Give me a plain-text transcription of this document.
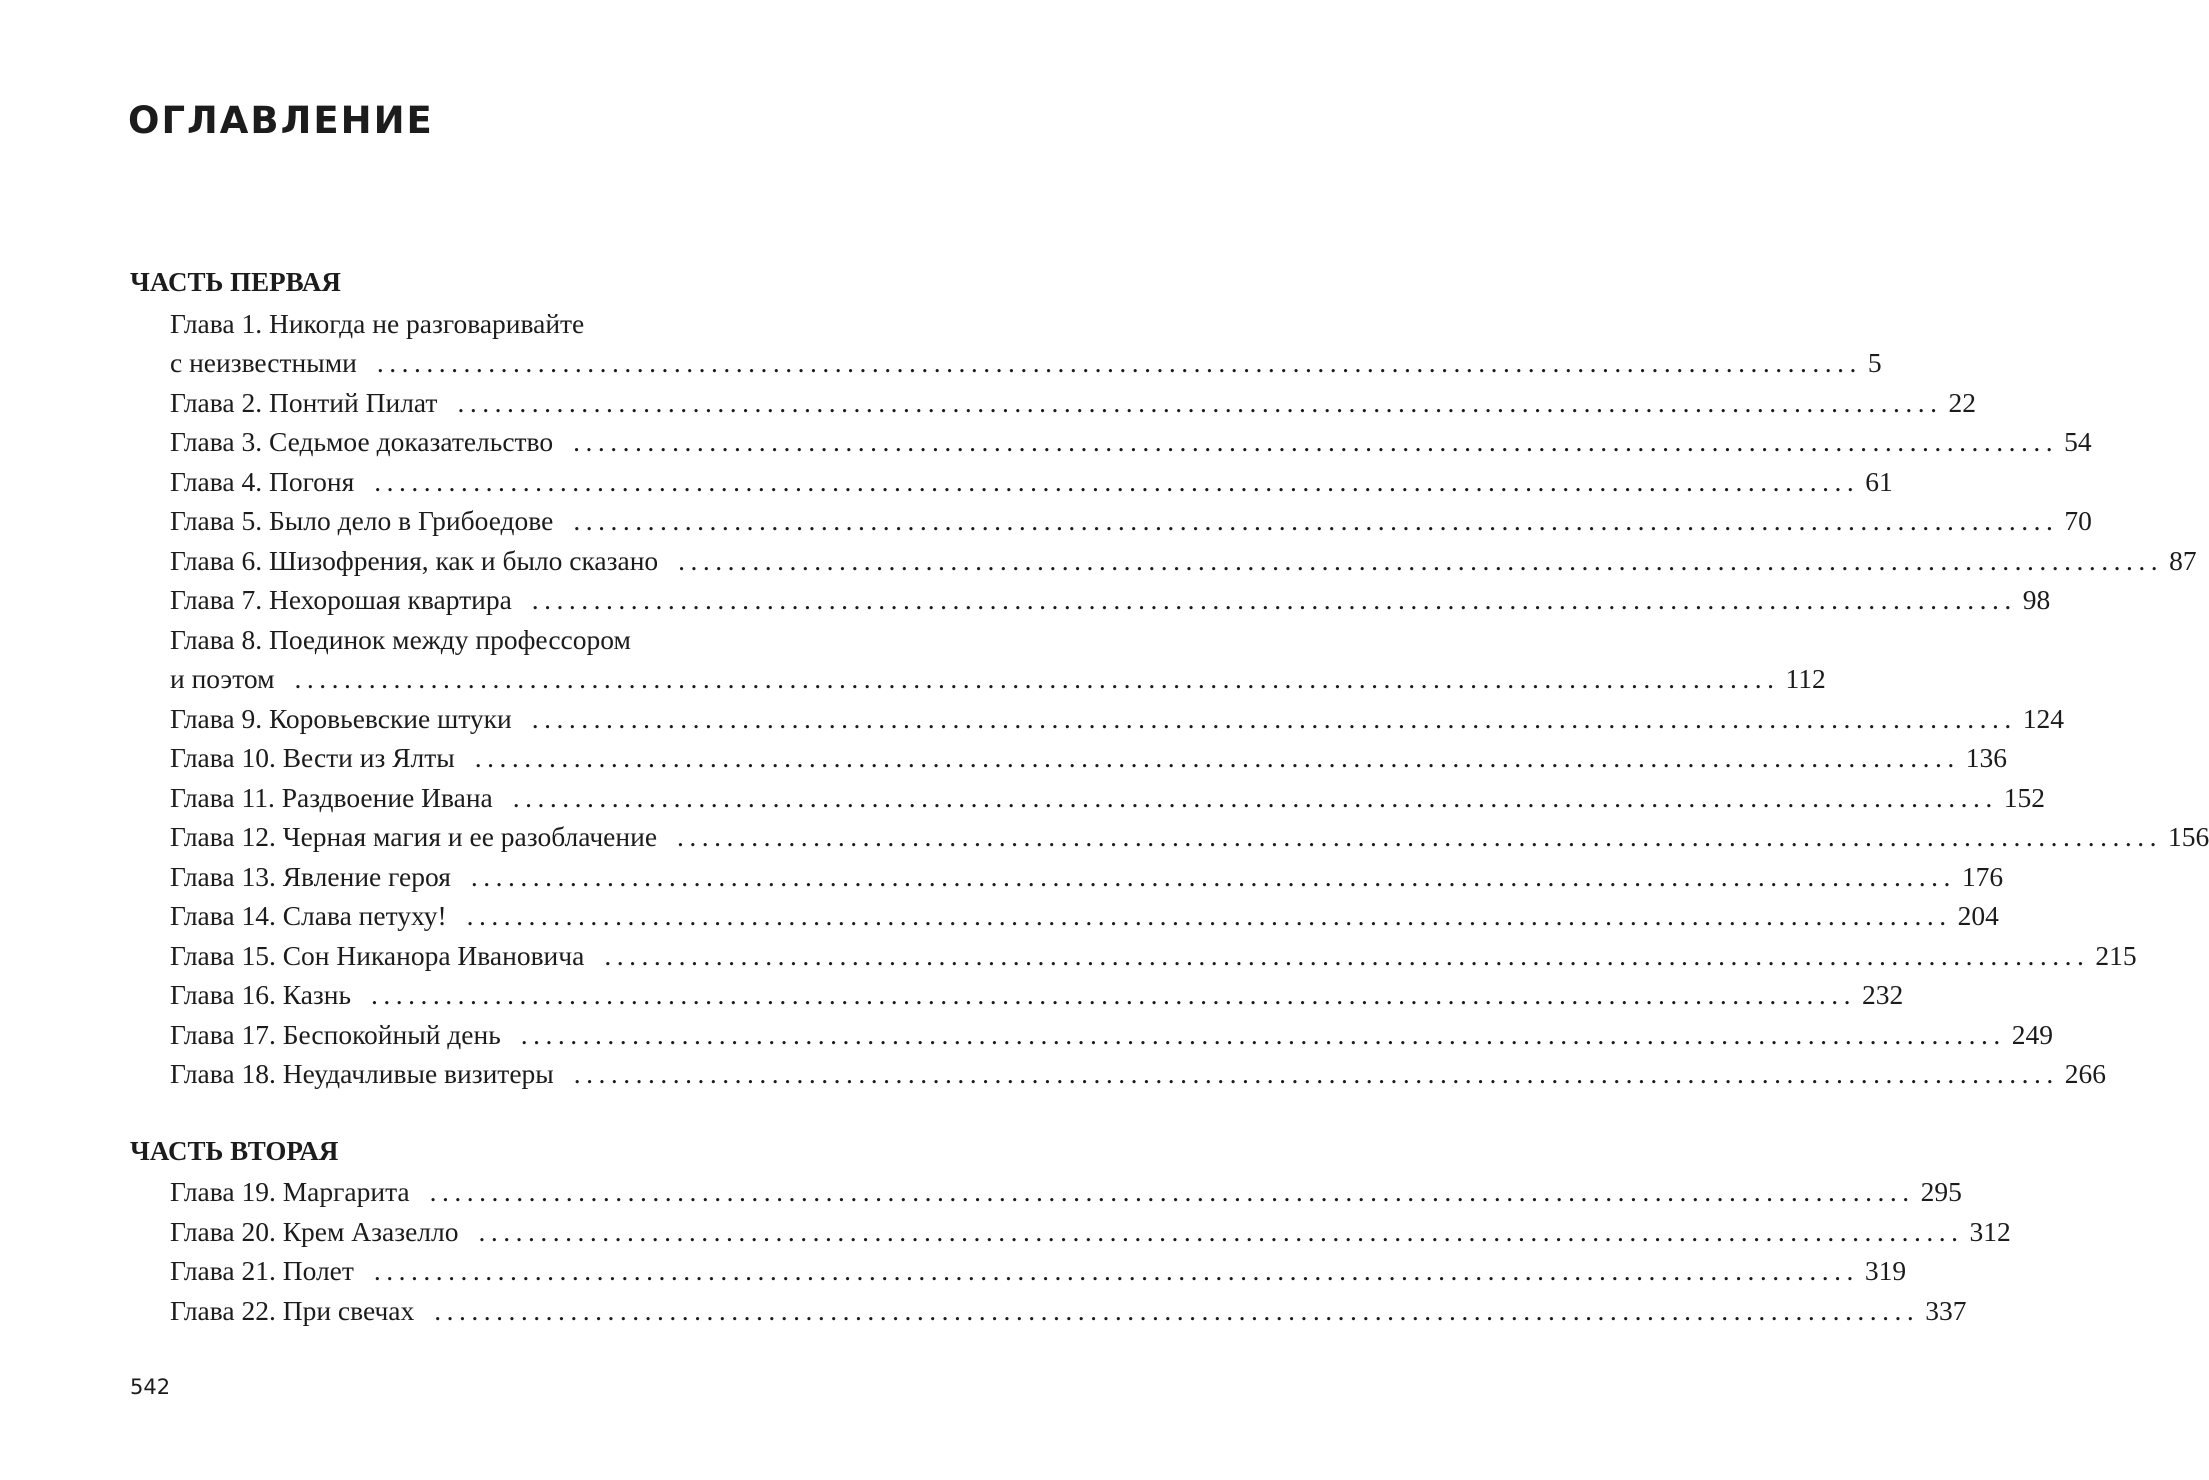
ОГЛАВЛЕНИЕ
ЧАСТЬ ПЕРВАЯ
Глава 1. Никогда не разговаривайте
с неизвестными ........................................................................................................................ 5
Глава 2. Понтий Пилат ........................................................................................................................ 22
Глава 3. Седьмое доказательство ........................................................................................................................ 54
Глава 4. Погоня ........................................................................................................................ 61
Глава 5. Было дело в Грибоедове ........................................................................................................................ 70
Глава 6. Шизофрения, как и было сказано ........................................................................................................................ 87
Глава 7. Нехорошая квартира ........................................................................................................................ 98
Глава 8. Поединок между профессором
и поэтом ........................................................................................................................ 112
Глава 9. Коровьевские штуки ........................................................................................................................ 124
Глава 10. Вести из Ялты ........................................................................................................................ 136
Глава 11. Раздвоение Ивана ........................................................................................................................ 152
Глава 12. Черная магия и ее разоблачение ........................................................................................................................ 156
Глава 13. Явление героя ........................................................................................................................ 176
Глава 14. Слава петуху! ........................................................................................................................ 204
Глава 15. Сон Никанора Ивановича ........................................................................................................................ 215
Глава 16. Казнь ........................................................................................................................ 232
Глава 17. Беспокойный день ........................................................................................................................ 249
Глава 18. Неудачливые визитеры ........................................................................................................................ 266
ЧАСТЬ ВТОРАЯ
Глава 19. Маргарита ........................................................................................................................ 295
Глава 20. Крем Азазелло ........................................................................................................................ 312
Глава 21. Полет ........................................................................................................................ 319
Глава 22. При свечах ........................................................................................................................ 337
542
